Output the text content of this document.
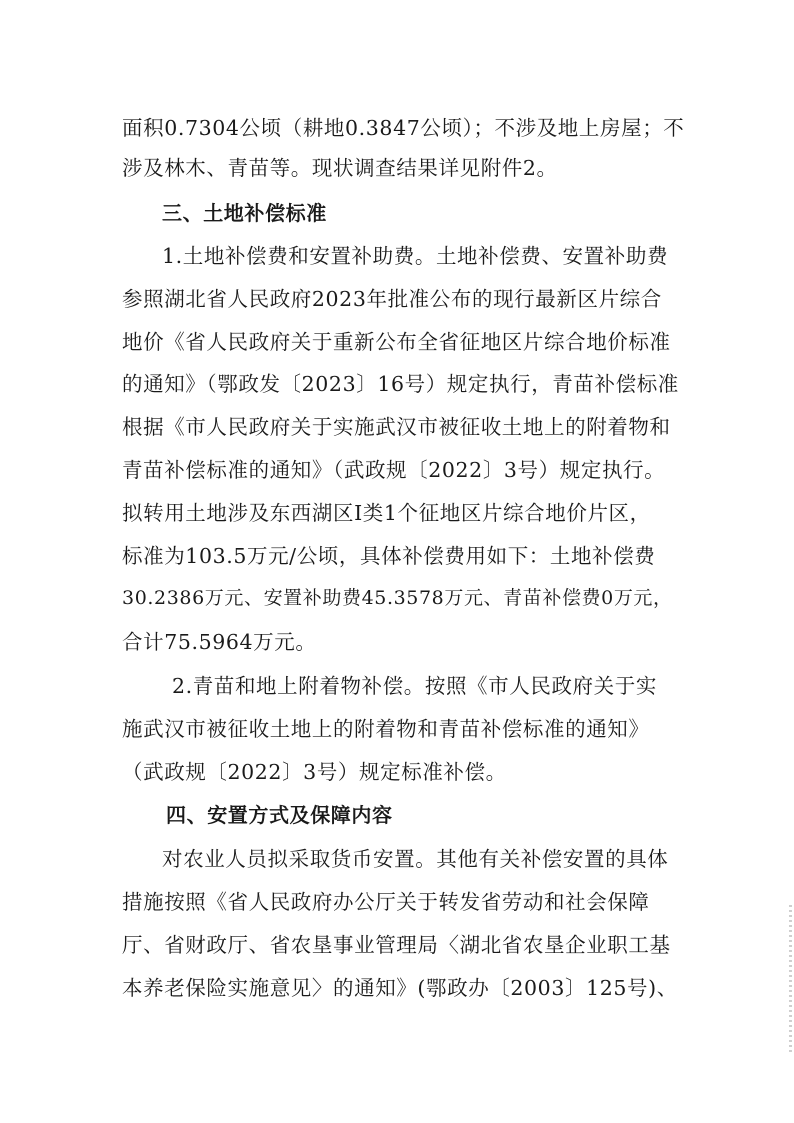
面积0.7304公顷（耕地0.3847公顷）；不涉及地上房屋；不
涉及林木、青苗等。现状调查结果详见附件2。
三、土地补偿标准
1.土地补偿费和安置补助费。土地补偿费、安置补助费
参照湖北省人民政府2023年批准公布的现行最新区片综合
地价《省人民政府关于重新公布全省征地区片综合地价标准
的通知》（鄂政发〔2023〕16号）规定执行，青苗补偿标准
根据《市人民政府关于实施武汉市被征收土地上的附着物和
青苗补偿标准的通知》（武政规〔2022〕3号）规定执行。
拟转用土地涉及东西湖区Ⅰ类1个征地区片综合地价片区，
标准为103.5万元/公顷，具体补偿费用如下：土地补偿费
30.2386万元、安置补助费45.3578万元、青苗补偿费0万元，
合计75.5964万元。
2.青苗和地上附着物补偿。按照《市人民政府关于实
施武汉市被征收土地上的附着物和青苗补偿标准的通知》
（武政规〔2022〕3号）规定标准补偿。
四、安置方式及保障内容
对农业人员拟采取货币安置。其他有关补偿安置的具体
措施按照《省人民政府办公厅关于转发省劳动和社会保障
厅、省财政厅、省农垦事业管理局〈湖北省农垦企业职工基
本养老保险实施意见〉的通知》(鄂政办〔2003〕125号)、
